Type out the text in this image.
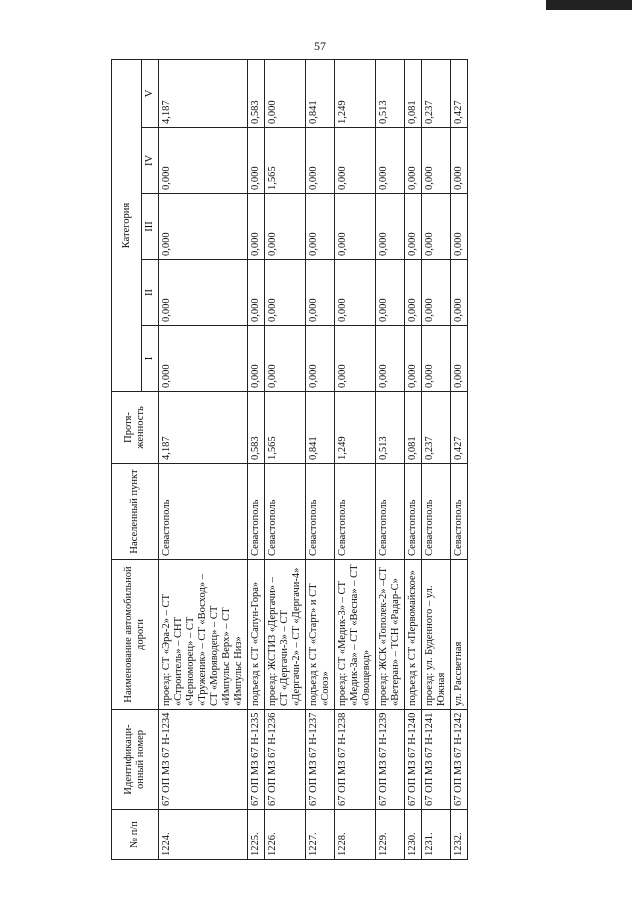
57
№ п/п	Идентификаци-онный номер	Наименование автомобильной дороги	Населенный пункт	Протя-женность	Категория				
					I	II	III	IV	V
1224.	67 ОП МЗ 67 Н-1234	проезд: СТ «Эра-2» – СТ «Строитель» – СНТ «Черноморец» – СТ «Труженик» – СТ «Восход» – СТ «Моряводец» – СТ «Импульс Верх» – СТ «Импульс Низ»	Севастополь	4,187	0,000	0,000	0,000	0,000	4,187
1225.	67 ОП МЗ 67 Н-1235	подъезд к СТ «Сапун-Гора»	Севастополь	0,583	0,000	0,000	0,000	0,000	0,583
1226.	67 ОП МЗ 67 Н-1236	проезд: ЖСТИЗ «Дергачи» – СТ «Дергачи-3» – СТ «Дергачи-2» – СТ «Дергачи-4»	Севастополь	1,565	0,000	0,000	0,000	1,565	0,000
1227.	67 ОП МЗ 67 Н-1237	подъезд к СТ «Старт» и СТ «Союз»	Севастополь	0,841	0,000	0,000	0,000	0,000	0,841
1228.	67 ОП МЗ 67 Н-1238	проезд: СТ «Медик-3» – СТ «Медик-3а» – СТ «Весна» – СТ «Овощевод»	Севастополь	1,249	0,000	0,000	0,000	0,000	1,249
1229.	67 ОП МЗ 67 Н-1239	проезд: ЖСК «Тополек-2» –СТ «Ветеран» – ТСН «Радар-С»	Севастополь	0,513	0,000	0,000	0,000	0,000	0,513
1230.	67 ОП МЗ 67 Н-1240	подъезд к СТ «Первомайское»	Севастополь	0,081	0,000	0,000	0,000	0,000	0,081
1231.	67 ОП МЗ 67 Н-1241	проезд: ул. Буденного – ул. Южная	Севастополь	0,237	0,000	0,000	0,000	0,000	0,237
1232.	67 ОП МЗ 67 Н-1242	ул. Рассветная	Севастополь	0,427	0,000	0,000	0,000	0,000	0,427
